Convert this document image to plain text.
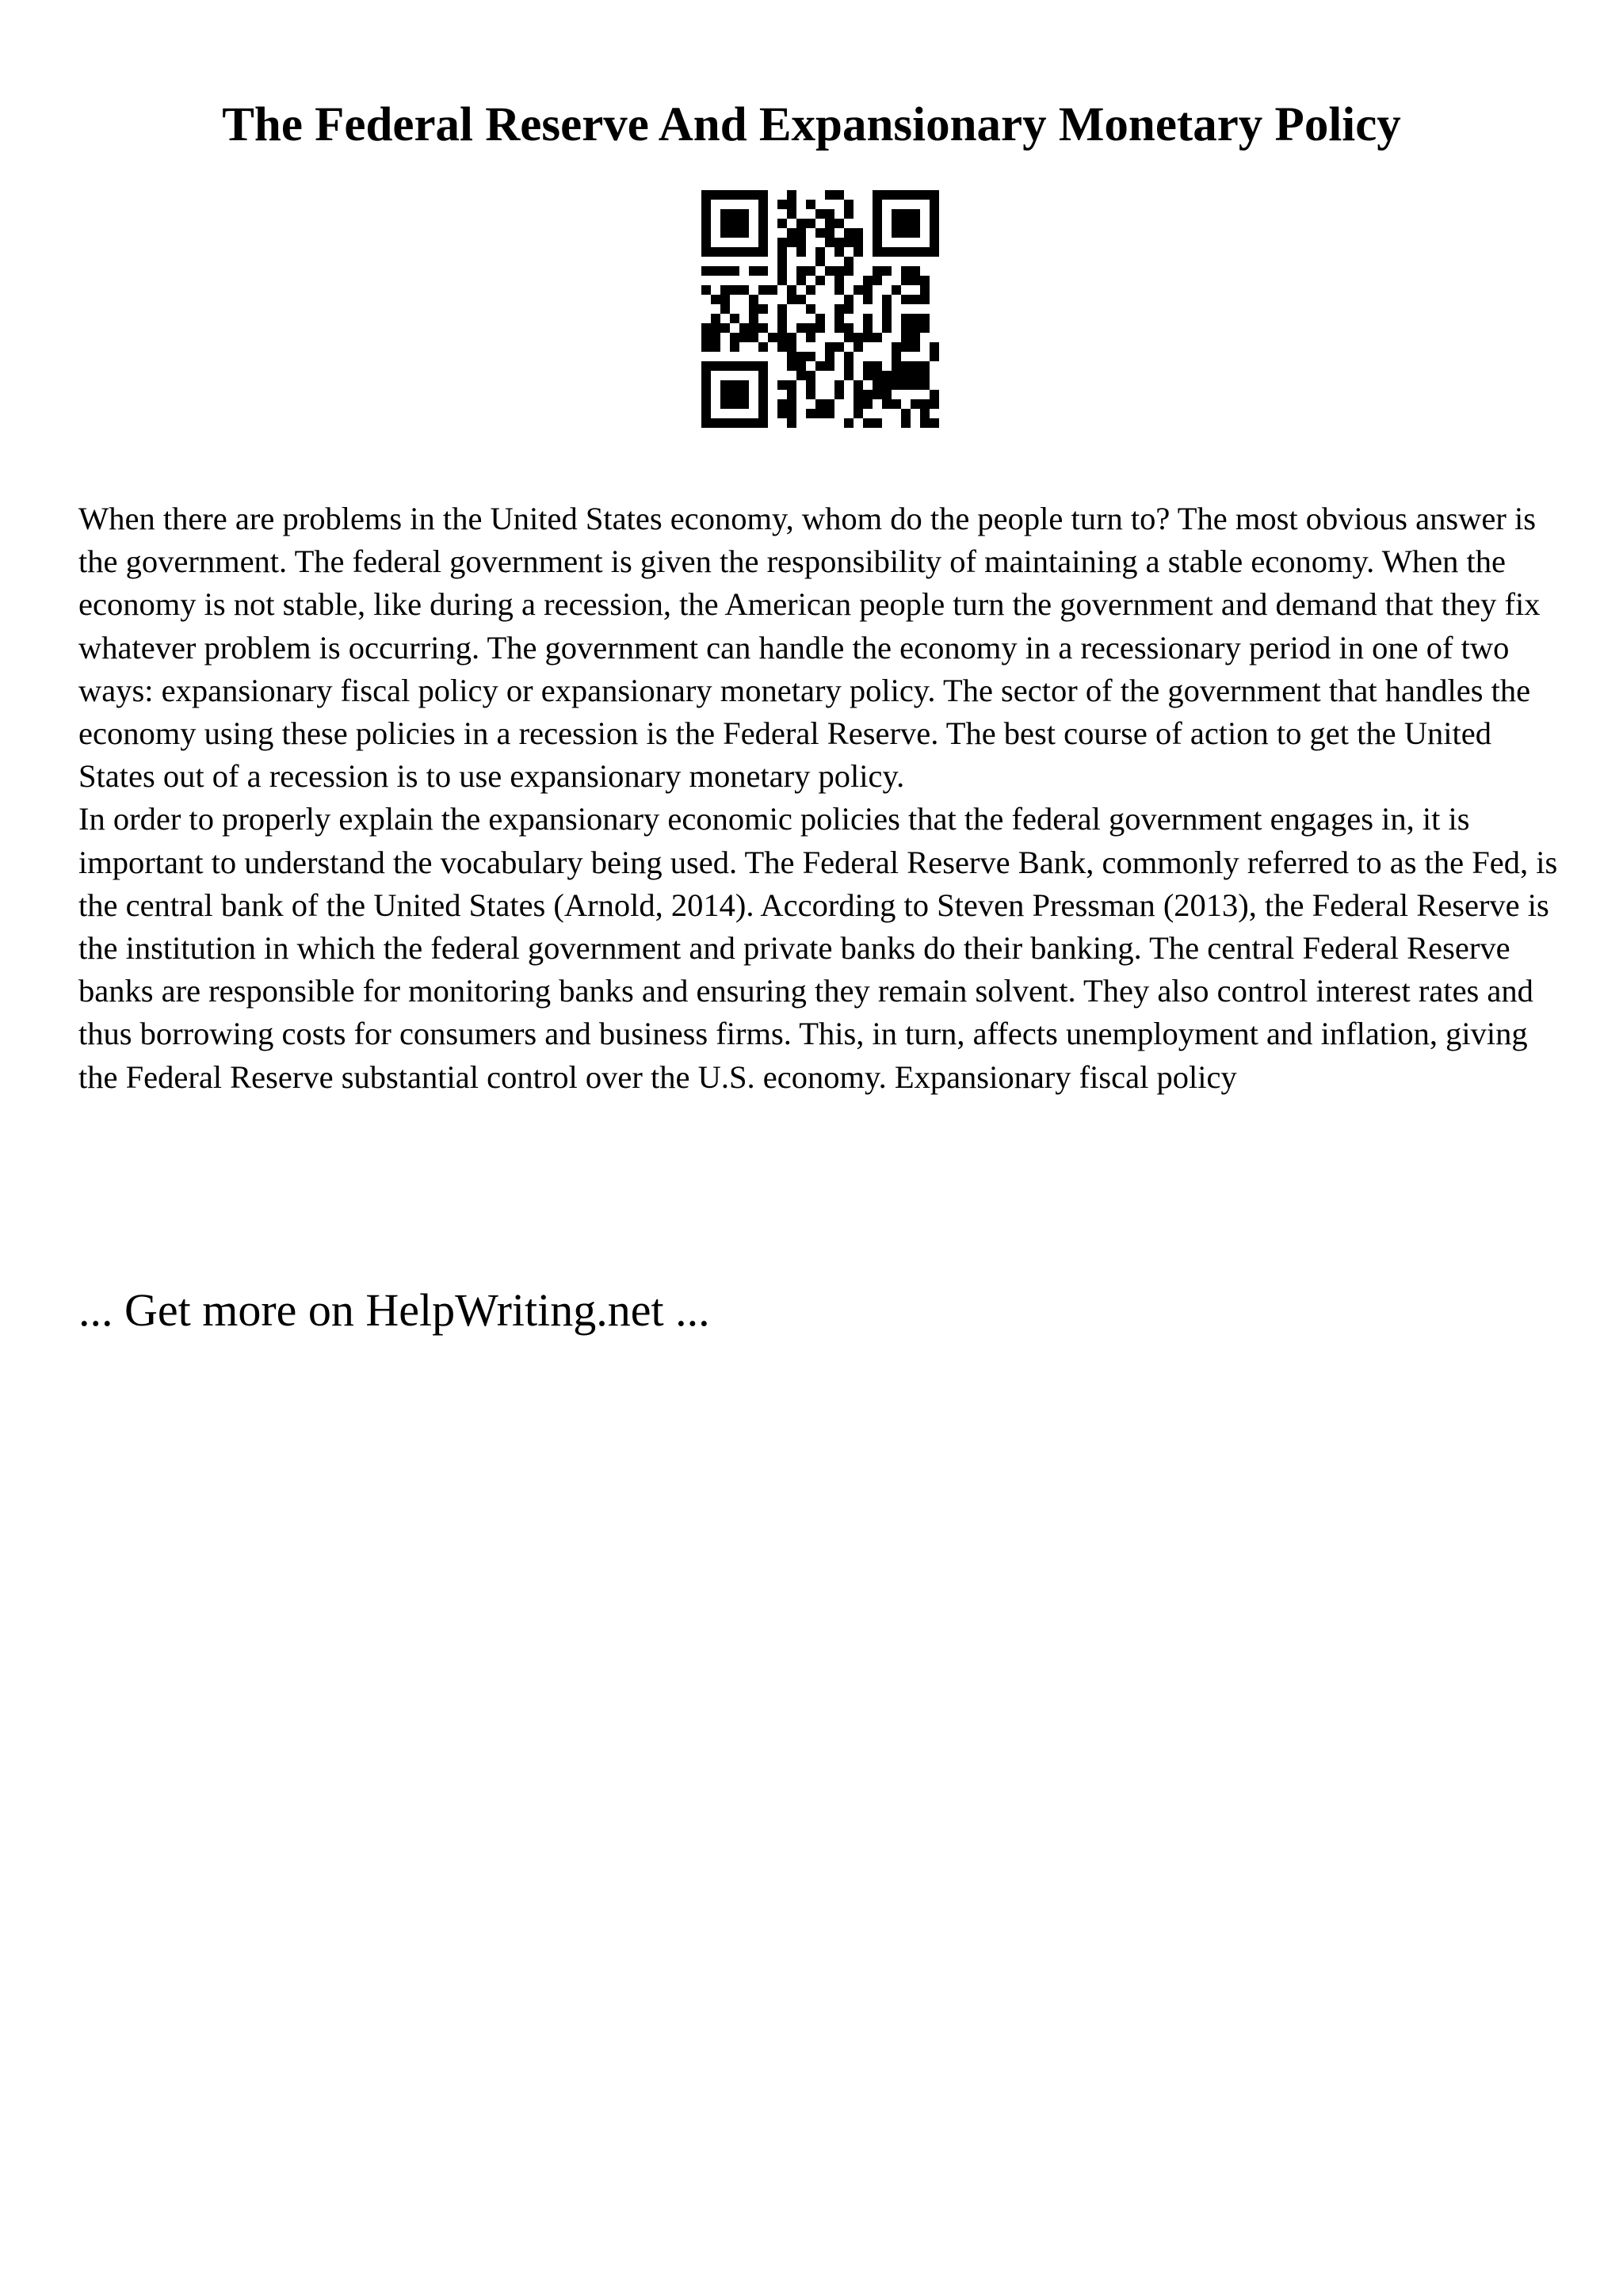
The Federal Reserve And Expansionary Monetary Policy

When there are problems in the United States economy, whom do the people turn to? The most obvious answer is the government. The federal government is given the responsibility of maintaining a stable economy. When the economy is not stable, like during a recession, the American people turn the government and demand that they fix whatever problem is occurring. The government can handle the economy in a recessionary period in one of two ways: expansionary fiscal policy or expansionary monetary policy. The sector of the government that handles the economy using these policies in a recession is the Federal Reserve. The best course of action to get the United States out of a recession is to use expansionary monetary policy.

In order to properly explain the expansionary economic policies that the federal government engages in, it is important to understand the vocabulary being used. The Federal Reserve Bank, commonly referred to as the Fed, is the central bank of the United States (Arnold, 2014). According to Steven Pressman (2013), the Federal Reserve is the institution in which the federal government and private banks do their banking. The central Federal Reserve banks are responsible for monitoring banks and ensuring they remain solvent. They also control interest rates and thus borrowing costs for consumers and business firms. This, in turn, affects unemployment and inflation, giving the Federal Reserve substantial control over the U.S. economy. Expansionary fiscal policy

... Get more on HelpWriting.net ...
